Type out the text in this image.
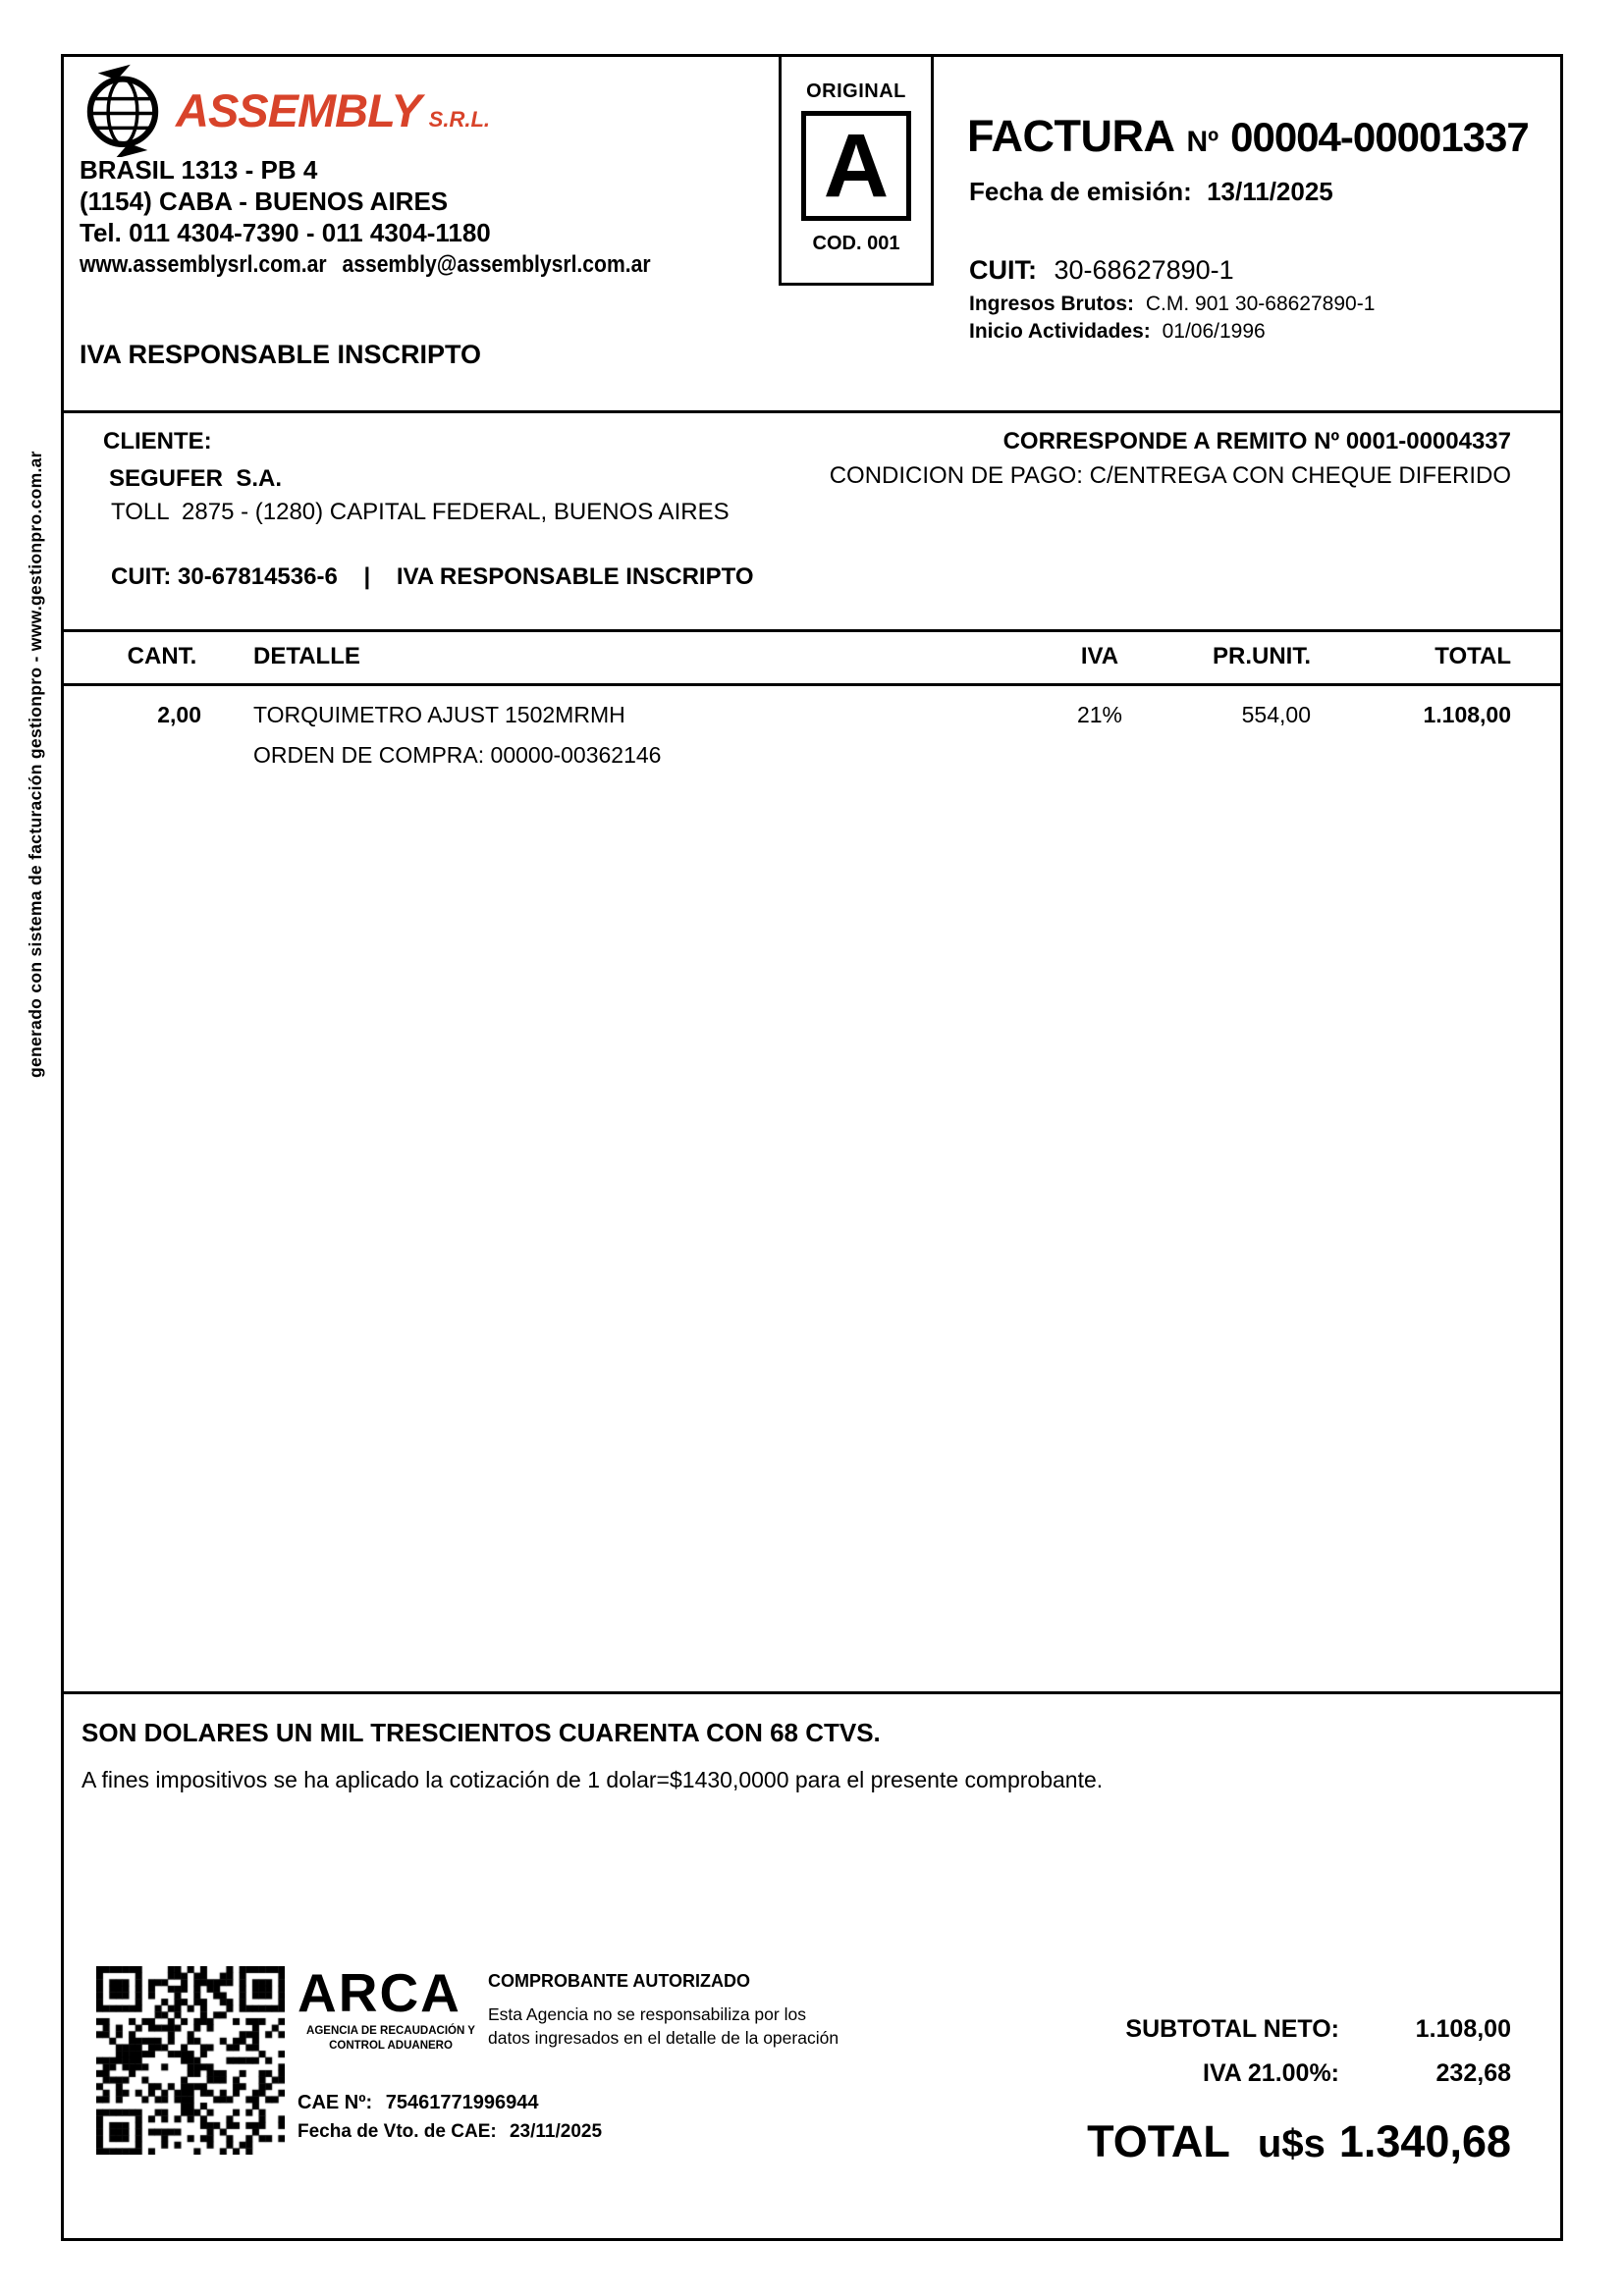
generado con sistema de facturación gestionpro - www.gestionpro.com.ar
ASSEMBLY S.R.L.
BRASIL 1313 - PB 4
(1154) CABA - BUENOS AIRES
Tel. 011 4304-7390 - 011 4304-1180
www.assemblysrl.com.ar assembly@assemblysrl.com.ar
IVA RESPONSABLE INSCRIPTO
ORIGINAL
A
COD. 001
FACTURA Nº 00004-00001337
Fecha de emisión: 13/11/2025
CUIT: 30-68627890-1
Ingresos Brutos: C.M. 901 30-68627890-1
Inicio Actividades: 01/06/1996
CLIENTE:
SEGUFER  S.A.
TOLL  2875 - (1280) CAPITAL FEDERAL, BUENOS AIRES
CUIT: 30-67814536-6 | IVA RESPONSABLE INSCRIPTO
CORRESPONDE A REMITO Nº 0001-00004337
CONDICION DE PAGO: C/ENTREGA CON CHEQUE DIFERIDO
CANT. DETALLE	IVA	PR.UNIT.	TOTAL
2,00 TORQUIMETRO AJUST 1502MRMH	21%	554,00	1.108,00
ORDEN DE COMPRA: 00000-00362146
SON DOLARES UN MIL TRESCIENTOS CUARENTA CON 68 CTVS.
A fines impositivos se ha aplicado la cotización de 1 dolar=$1430,0000 para el presente comprobante.
ARCA
AGENCIA DE RECAUDACIÓN Y CONTROL ADUANERO
CAE Nº: 75461771996944
Fecha de Vto. de CAE: 23/11/2025
COMPROBANTE AUTORIZADO
Esta Agencia no se responsabiliza por los
datos ingresados en el detalle de la operación	SUBTOTAL NETO:	1.108,00
IVA 21.00%:	232,68
TOTAL u$s 1.340,68
